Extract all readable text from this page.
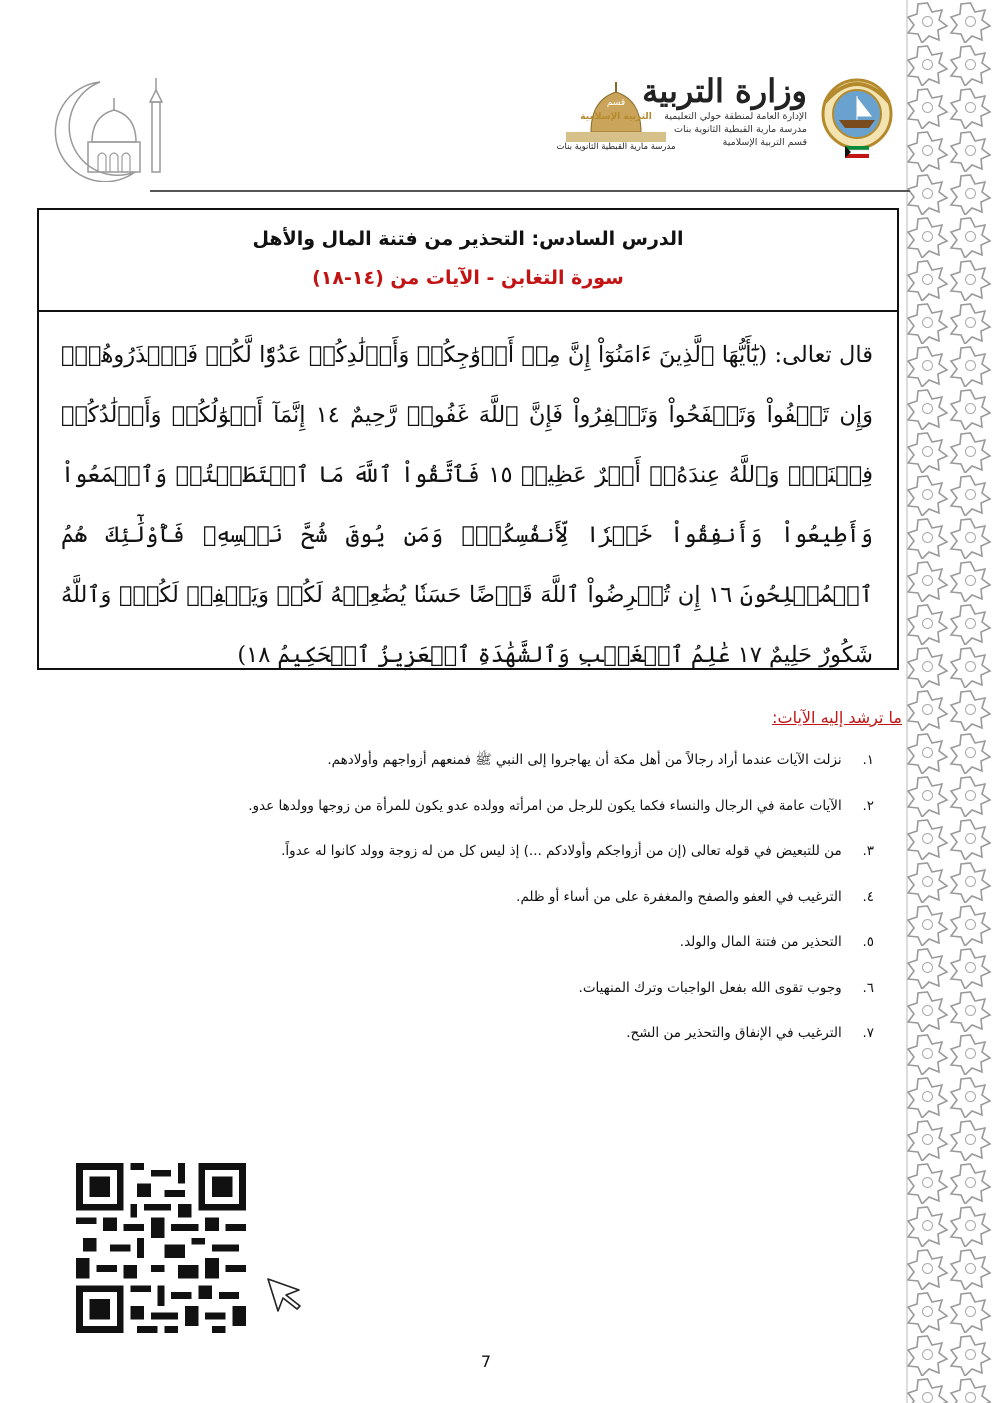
وزارة التربية
الإدارة العامة لمنطقة حولي التعليمية
مدرسة مارية القبطية الثانوية بنات
قسم التربية الإسلامية
قسم
التربية الإسلامية
مدرسة مارية القبطية الثانوية بنات
الدرس السادس: التحذير من فتنة المال والأهل
سورة التغابن - الآيات من (١٤-١٨)
قال تعالى: (يَٰٓأَيُّهَا ٱلَّذِينَ ءَامَنُوٓاْ إِنَّ مِنۡ أَزۡوَٰجِكُمۡ وَأَوۡلَٰدِكُمۡ عَدُوّٗا لَّكُمۡ فَٱحۡذَرُوهُمۡۚ وَإِن تَعۡفُواْ وَتَصۡفَحُواْ وَتَغۡفِرُواْ فَإِنَّ ٱللَّهَ غَفُورٞ رَّحِيمٌ ١٤ إِنَّمَآ أَمۡوَٰلُكُمۡ وَأَوۡلَٰدُكُمۡ فِتۡنَةٞۚ وَٱللَّهُ عِندَهُۥٓ أَجۡرٌ عَظِيمٞ ١٥ فَٱتَّقُواْ ٱللَّهَ مَا ٱسۡتَطَعۡتُمۡ وَٱسۡمَعُواْ وَأَطِيعُواْ وَأَنفِقُواْ خَيۡرٗا لِّأَنفُسِكُمۡۗ وَمَن يُوقَ شُحَّ نَفۡسِهِۦ فَأُوْلَٰٓئِكَ هُمُ ٱلۡمُفۡلِحُونَ ١٦ إِن تُقۡرِضُواْ ٱللَّهَ قَرۡضًا حَسَنٗا يُضَٰعِفۡهُ لَكُمۡ وَيَغۡفِرۡ لَكُمۡۚ وَٱللَّهُ شَكُورٌ حَلِيمٌ ١٧ عَٰلِمُ ٱلۡغَيۡبِ وَٱلشَّهَٰدَةِ ٱلۡعَزِيزُ ٱلۡحَكِيمُ ١٨)
ما ترشد إليه الآيات:
١. نزلت الآيات عندما أراد رجالاً من أهل مكة أن يهاجروا إلى النبي ﷺ فمنعهم أزواجهم وأولادهم.
٢. الآيات عامة في الرجال والنساء فكما يكون للرجل من امرأته وولده عدو يكون للمرأة من زوجها وولدها عدو.
٣. من للتبعيض في قوله تعالى (إن من أزواجكم وأولادكم ...) إذ ليس كل من له زوجة وولد كانوا له عدواً.
٤. الترغيب في العفو والصفح والمغفرة على من أساء أو ظلم.
٥. التحذير من فتنة المال والولد.
٦. وجوب تقوى الله بفعل الواجبات وترك المنهيات.
٧. الترغيب في الإنفاق والتحذير من الشح.
7
